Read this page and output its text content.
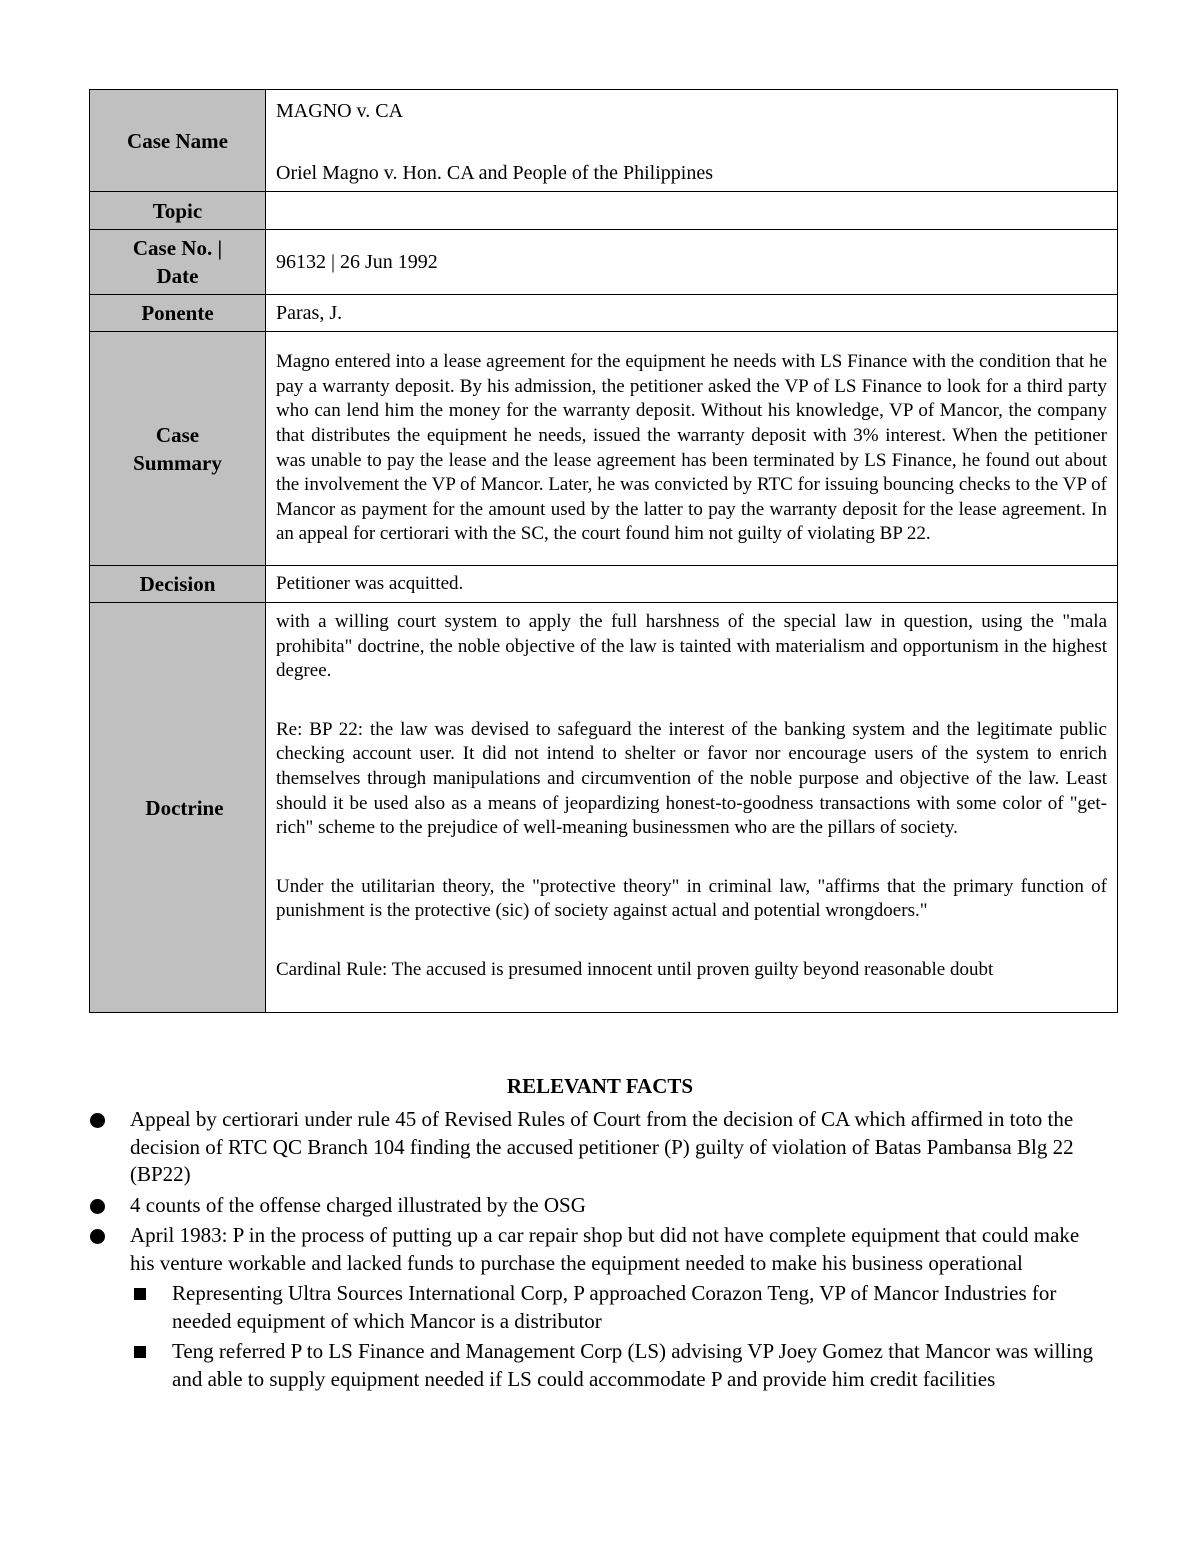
Case Name	MAGNO v. CA
Oriel Magno v. Hon. CA and People of the Philippines

Topic	

Case No. |
Date	96132 | 26 Jun 1992
Ponente	Paras, J.

Case
Summary	Magno entered into a lease agreement for the equipment he needs with LS Finance with the condition that he pay a warranty deposit. By his admission, the petitioner asked the VP of LS Finance to look for a third party who can lend him the money for the warranty deposit. Without his knowledge, VP of Mancor, the company that distributes the equipment he needs, issued the warranty deposit with 3% interest. When the petitioner was unable to pay the lease and the lease agreement has been terminated by LS Finance, he found out about the involvement the VP of Mancor. Later, he was convicted by RTC for issuing bouncing checks to the VP of Mancor as payment for the amount used by the latter to pay the warranty deposit for the lease agreement. In an appeal for certiorari with the SC, the court found him not guilty of violating BP 22.
Decision	Petitioner was acquitted.
Doctrine	with a willing court system to apply the full harshness of the special law in question, using the "mala prohibita" doctrine, the noble objective of the law is tainted with materialism and opportunism in the highest degree.

Re: BP 22: the law was devised to safeguard the interest of the banking system and the legitimate public checking account user. It did not intend to shelter or favor nor encourage users of the system to enrich themselves through manipulations and circumvention of the noble purpose and objective of the law. Least should it be used also as a means of jeopardizing honest-to-goodness transactions with some color of "get-rich" scheme to the prejudice of well-meaning businessmen who are the pillars of society.

Under the utilitarian theory, the "protective theory" in criminal law, "affirms that the primary function of punishment is the protective (sic) of society against actual and potential wrongdoers."

Cardinal Rule: The accused is presumed innocent until proven guilty beyond reasonable doubt

RELEVANT FACTS
Appeal by certiorari under rule 45 of Revised Rules of Court from the decision of CA which affirmed in toto the decision of RTC QC Branch 104 finding the accused petitioner (P) guilty of violation of Batas Pambansa Blg 22 (BP22)
4 counts of the offense charged illustrated by the OSG
April 1983: P in the process of putting up a car repair shop but did not have complete equipment that could make his venture workable and lacked funds to purchase the equipment needed to make his business operational
Representing Ultra Sources International Corp, P approached Corazon Teng, VP of Mancor Industries for needed equipment of which Mancor is a distributor
Teng referred P to LS Finance and Management Corp (LS) advising VP Joey Gomez that Mancor was willing and able to supply equipment needed if LS could accommodate P and provide him credit facilities
